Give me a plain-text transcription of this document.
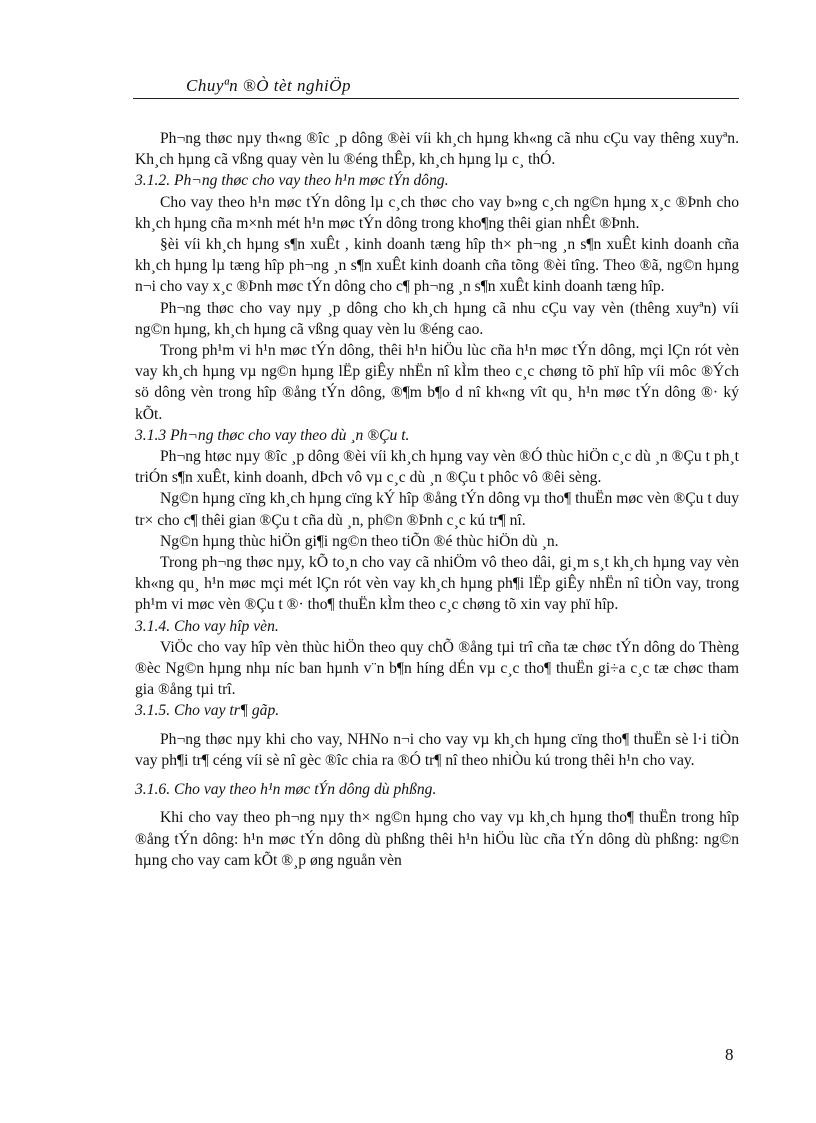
Chuyªn ®Ò tèt nghiÖp

Ph¬ng thøc nµy th«ng ®îc ¸p dông ®èi víi kh¸ch hµng kh«ng cã nhu cÇu vay thêng xuyªn. Kh¸ch hµng cã vßng quay vèn lu ®éng thÊp, kh¸ch hµng lµ c¸ thÓ.

3.1.2. Ph¬ng thøc cho vay theo h¹n møc tÝn dông.

Cho vay theo h¹n møc tÝn dông lµ c¸ch thøc cho vay b»ng c¸ch ng©n hµng x¸c ®Þnh cho kh¸ch hµng cña m×nh mét h¹n møc tÝn dông trong kho¶ng thêi gian nhÊt ®Þnh.

§èi víi kh¸ch hµng s¶n xuÊt , kinh doanh tæng hîp th× ph¬ng ¸n s¶n xuÊt kinh doanh cña kh¸ch hµng lµ tæng hîp ph¬ng ¸n s¶n xuÊt kinh doanh cña tõng ®èi tîng. Theo ®ã, ng©n hµng n¬i cho vay x¸c ®Þnh møc tÝn dông cho c¶ ph¬ng ¸n s¶n xuÊt kinh doanh tæng hîp.

Ph¬ng thøc cho vay nµy ¸p dông cho kh¸ch hµng cã nhu cÇu vay vèn (thêng xuyªn) víi ng©n hµng, kh¸ch hµng cã vßng quay vèn lu ®éng cao.

Trong ph¹m vi h¹n møc tÝn dông, thêi h¹n hiÖu lùc cña h¹n møc tÝn dông, mçi lÇn rót vèn vay kh¸ch hµng vµ ng©n hµng lËp giÊy nhËn nî kÌm theo c¸c chøng tõ phï hîp víi môc ®Ých sö dông vèn trong hîp ®ång tÝn dông, ®¶m b¶o d nî kh«ng vît qu¸ h¹n møc tÝn dông ®· ký kÕt.

3.1.3 Ph¬ng thøc cho vay theo dù ¸n ®Çu t.

Ph¬ng htøc nµy ®îc ¸p dông ®èi víi kh¸ch hµng vay vèn ®Ó thùc hiÖn c¸c dù ¸n ®Çu t ph¸t triÓn s¶n xuÊt, kinh doanh, dÞch vô vµ c¸c dù ¸n ®Çu t phôc vô ®êi sèng.

Ng©n hµng cïng kh¸ch hµng cïng kÝ hîp ®ång tÝn dông vµ tho¶ thuËn møc vèn ®Çu t duy tr× cho c¶ thêi gian ®Çu t cña dù ¸n, ph©n ®Þnh c¸c kú tr¶ nî.

Ng©n hµng thùc hiÖn gi¶i ng©n theo tiÕn ®é thùc hiÖn dù ¸n.

Trong ph¬ng thøc nµy, kÕ to¸n cho vay cã nhiÖm vô theo dâi, gi¸m s¸t kh¸ch hµng vay vèn kh«ng qu¸ h¹n møc mçi mét lÇn rót vèn vay kh¸ch hµng ph¶i lËp giÊy nhËn nî tiÒn vay, trong ph¹m vi møc vèn ®Çu t ®· tho¶ thuËn kÌm theo c¸c chøng tõ xin vay phï hîp.

3.1.4. Cho vay hîp vèn.

ViÖc cho vay hîp vèn thùc hiÖn theo quy chÕ ®ång tµi trî cña tæ chøc tÝn dông do Thèng ®èc Ng©n hµng nhµ níc ban hµnh v¨n b¶n híng dÉn vµ c¸c tho¶ thuËn gi÷a c¸c tæ chøc tham gia ®ång tµi trî.

3.1.5. Cho vay tr¶ gãp.

Ph¬ng thøc nµy khi cho vay, NHNo n¬i cho vay vµ kh¸ch hµng cïng tho¶ thuËn sè l·i tiÒn vay ph¶i tr¶ céng víi sè nî gèc ®îc chia ra ®Ó tr¶ nî theo nhiÒu kú trong thêi h¹n cho vay.

3.1.6. Cho vay theo h¹n møc tÝn dông dù phßng.

Khi cho vay theo ph¬ng nµy th× ng©n hµng cho vay vµ kh¸ch hµng tho¶ thuËn trong hîp ®ång tÝn dông: h¹n møc tÝn dông dù phßng thêi h¹n hiÖu lùc cña tÝn dông dù phßng: ng©n hµng cho vay cam kÕt ®¸p øng nguån vèn

8
